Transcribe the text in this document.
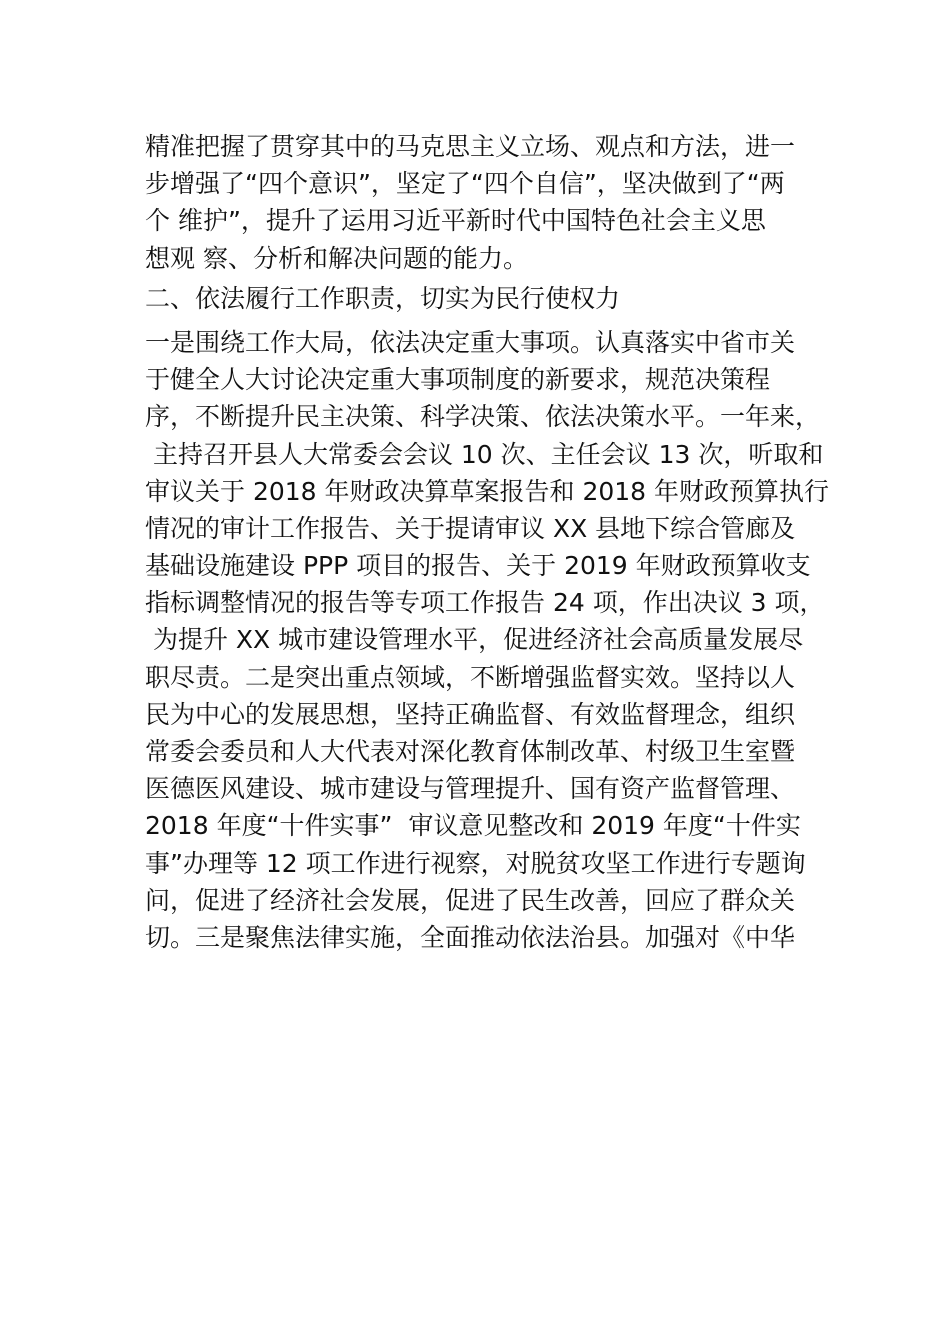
精准把握了贯穿其中的马克思主义立场、观点和方法，进一
步增强了“四个意识”，坚定了“四个自信”，坚决做到了“两
个 维护”，提升了运用习近平新时代中国特色社会主义思
想观 察、分析和解决问题的能力。
二、依法履行工作职责，切实为民行使权力
一是围绕工作大局，依法决定重大事项。认真落实中省市关
于健全人大讨论决定重大事项制度的新要求，规范决策程
序，不断提升民主决策、科学决策、依法决策水平。一年来，
主持召开县人大常委会会议 10 次、主任会议 13 次，听取和
审议关于 2018 年财政决算草案报告和 2018 年财政预算执行
情况的审计工作报告、关于提请审议 XX 县地下综合管廊及
基础设施建设 PPP 项目的报告、关于 2019 年财政预算收支
指标调整情况的报告等专项工作报告 24 项，作出决议 3 项，
为提升 XX 城市建设管理水平，促进经济社会高质量发展尽
职尽责。二是突出重点领域，不断增强监督实效。坚持以人
民为中心的发展思想，坚持正确监督、有效监督理念，组织
常委会委员和人大代表对深化教育体制改革、村级卫生室暨
医德医风建设、城市建设与管理提升、国有资产监督管理、
2018 年度“十件实事”  审议意见整改和 2019 年度“十件实
事”办理等 12 项工作进行视察，对脱贫攻坚工作进行专题询
问，促进了经济社会发展，促进了民生改善，回应了群众关
切。三是聚焦法律实施，全面推动依法治县。加强对《中华
